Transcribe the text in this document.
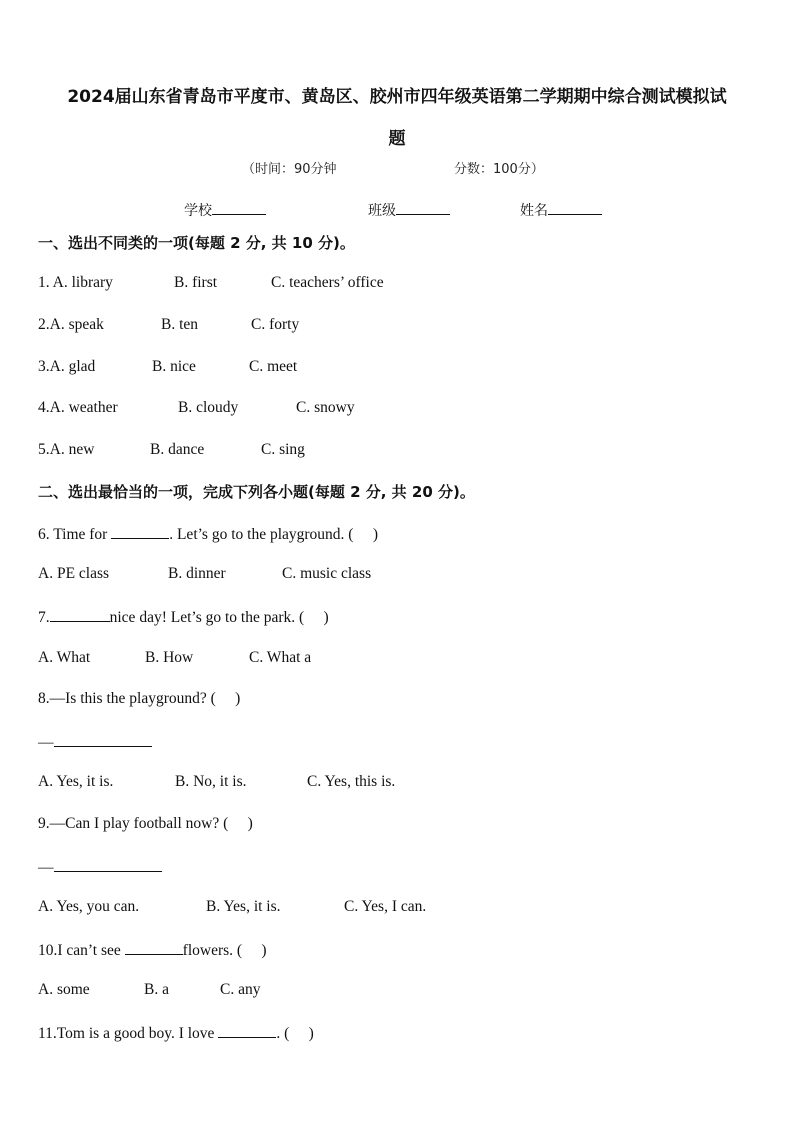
2024届山东省青岛市平度市、黄岛区、胶州市四年级英语第二学期期中综合测试模拟试
题
（时间：90分钟	分数：100分）
学校	班级	姓名
一、选出不同类的一项(每题 2 分, 共 10 分)。

1. A. library

	B. first

	C. teachers’ office

2.A. speak

	B. ten

	C. forty

3.A. glad

	B. nice

	C. meet

4.A. weather

	B. cloudy

	C. snowy

5.A. new

	B. dance

	C. sing

二、选出最恰当的一项，完成下列各小题(每题 2 分, 共 20 分)。
6. Time for	. Let’s go to the playground. (     )

A. PE class

	B. dinner

	C. music class

7.	nice day! Let’s go to the park. (     )

A. What

	B. How

	C. What a

8.—Is this the playground? (     )
—

A. Yes, it is.

	B. No, it is.

	C. Yes, this is.

9.—Can I play football now? (     )
—

A. Yes, you can.

	B. Yes, it is.

	C. Yes, I can.

10.I can’t see	flowers. (     )

A. some

	B. a

	C. any

11.Tom is a good boy. I love	. (     )
